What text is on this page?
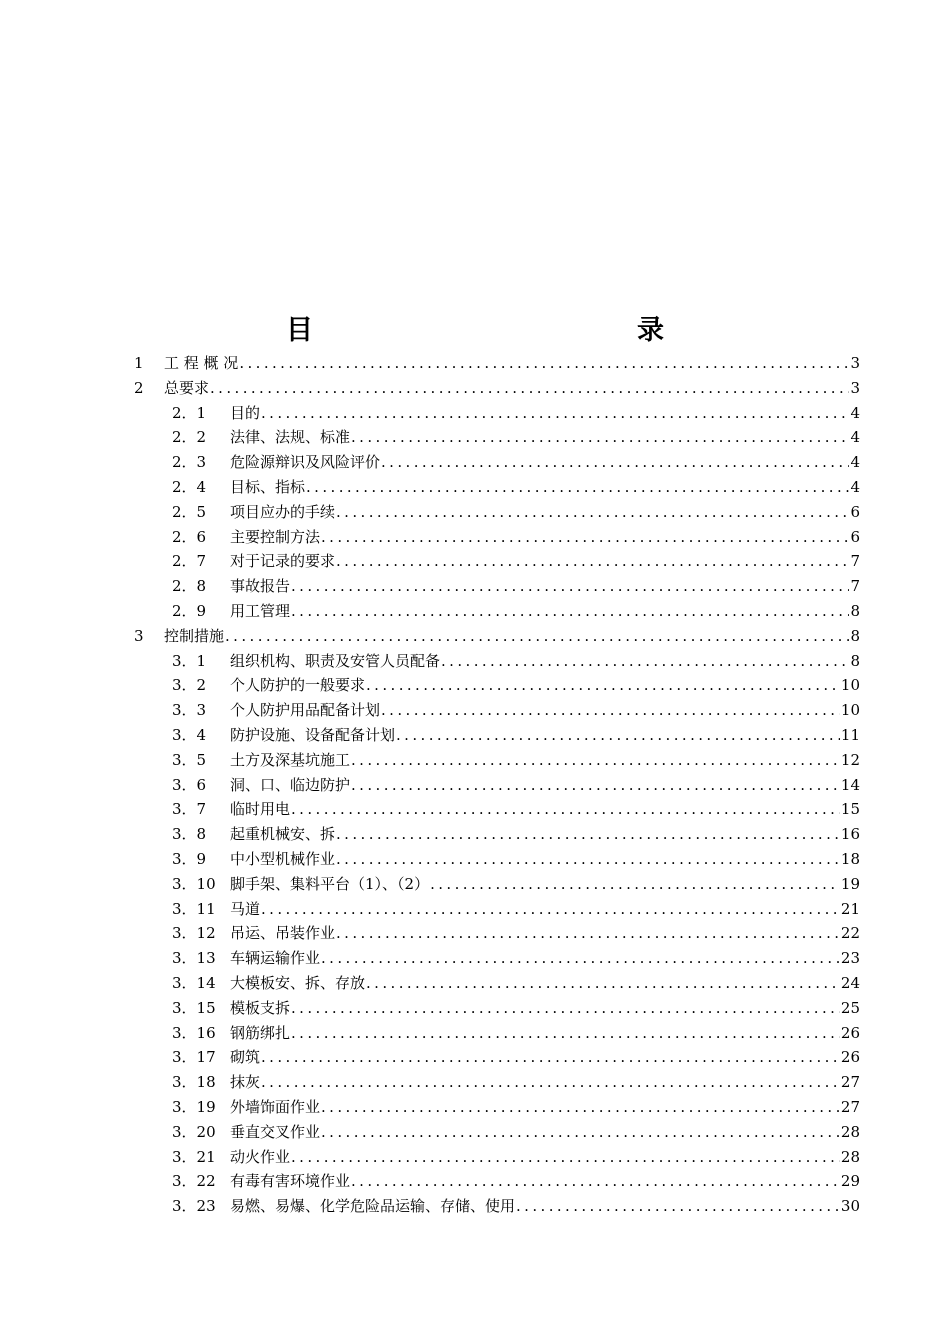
目　　录
1	工 程 概 况 .....	3
2	总要求 .....	3
2．1	目的 .....	4
2．2	法律、法规、标准 .....	4
2．3	危险源辩识及风险评价 .....	4
2．4	目标、指标 .....	4
2．5	项目应办的手续 .....	6
2．6	主要控制方法 .....	6
2．7	对于记录的要求 .....	7
2．8	事故报告 .....	7
2．9	用工管理 .....	8
3	控制措施 .....	8
3．1	组织机构、职责及安管人员配备 .....	8
3．2	个人防护的一般要求 .....	10
3．3	个人防护用品配备计划 .....	10
3．4	防护设施、设备配备计划 .....	11
3．5	土方及深基坑施工 .....	12
3．6	洞、口、临边防护 .....	14
3．7	临时用电 .....	15
3．8	起重机械安、拆 .....	16
3．9	中小型机械作业 .....	18
3．10 脚手架、集料平台（1）、（2） .....	19
3．11 马道 .....	21
3．12 吊运、吊装作业 .....	22
3．13 车辆运输作业 .....	23
3．14 大模板安、拆、存放 .....	24
3．15 模板支拆 .....	25
3．16 钢筋绑扎 .....	26
3．17 砌筑 .....	26
3．18 抹灰 .....	27
3．19 外墙饰面作业 .....	27
3．20 垂直交叉作业 .....	28
3．21 动火作业 .....	28
3．22 有毒有害环境作业 .....	29
3．23 易燃、易爆、化学危险品运输、存储、使用 .....	30
